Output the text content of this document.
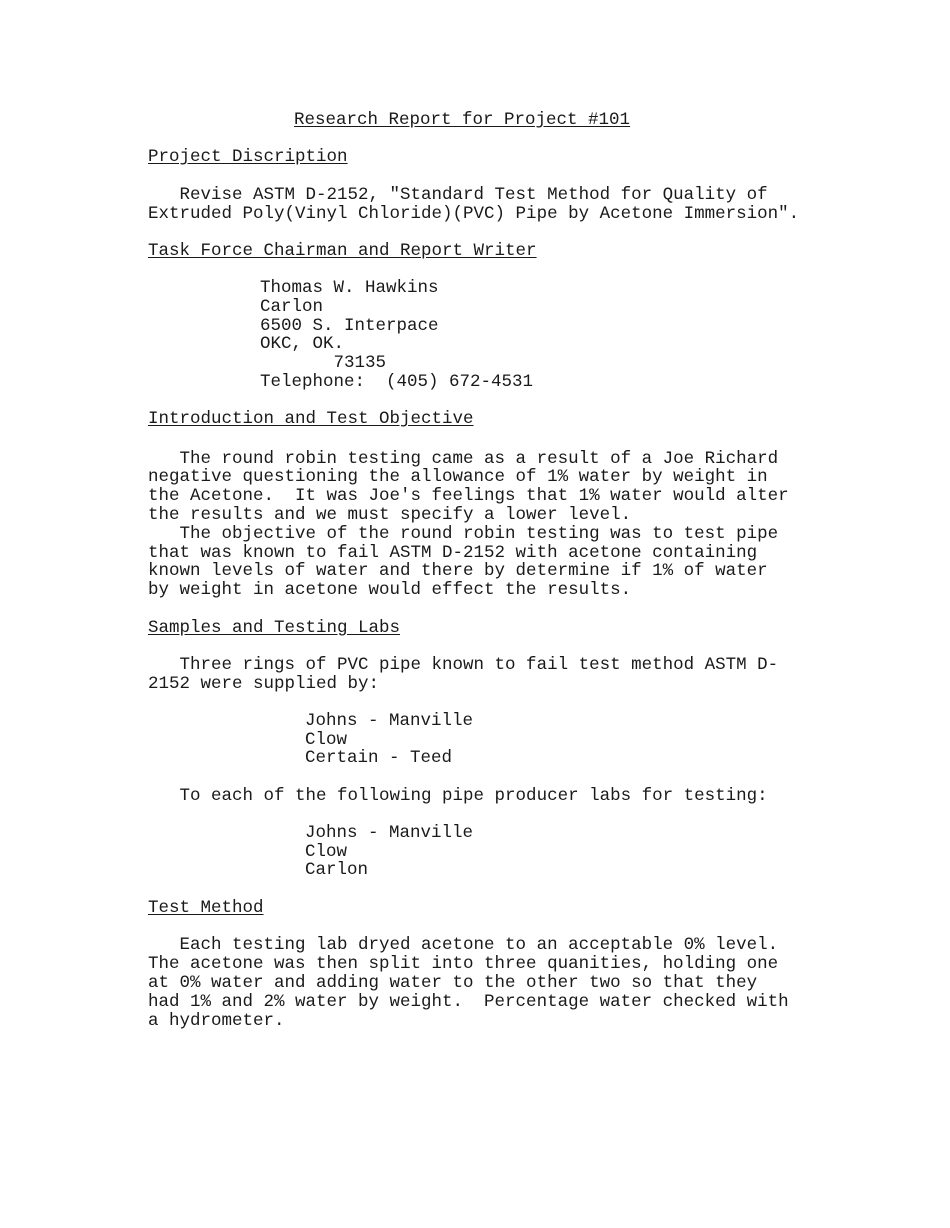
Research Report for Project #101
Project Discription
Revise ASTM D-2152, "Standard Test Method for Quality of
Extruded Poly(Vinyl Chloride)(PVC) Pipe by Acetone Immersion".
Task Force Chairman and Report Writer
Thomas W. Hawkins
Carlon
6500 S. Interpace
OKC, OK.
73135
Telephone:  (405) 672-4531
Introduction and Test Objective
The round robin testing came as a result of a Joe Richard
negative questioning the allowance of 1% water by weight in
the Acetone.  It was Joe's feelings that 1% water would alter
the results and we must specify a lower level.
The objective of the round robin testing was to test pipe
that was known to fail ASTM D-2152 with acetone containing
known levels of water and there by determine if 1% of water
by weight in acetone would effect the results.
Samples and Testing Labs
Three rings of PVC pipe known to fail test method ASTM D-
2152 were supplied by:
Johns - Manville
Clow
Certain - Teed
To each of the following pipe producer labs for testing:
Johns - Manville
Clow
Carlon
Test Method
Each testing lab dryed acetone to an acceptable 0% level.
The acetone was then split into three quanities, holding one
at 0% water and adding water to the other two so that they
had 1% and 2% water by weight.  Percentage water checked with
a hydrometer.
